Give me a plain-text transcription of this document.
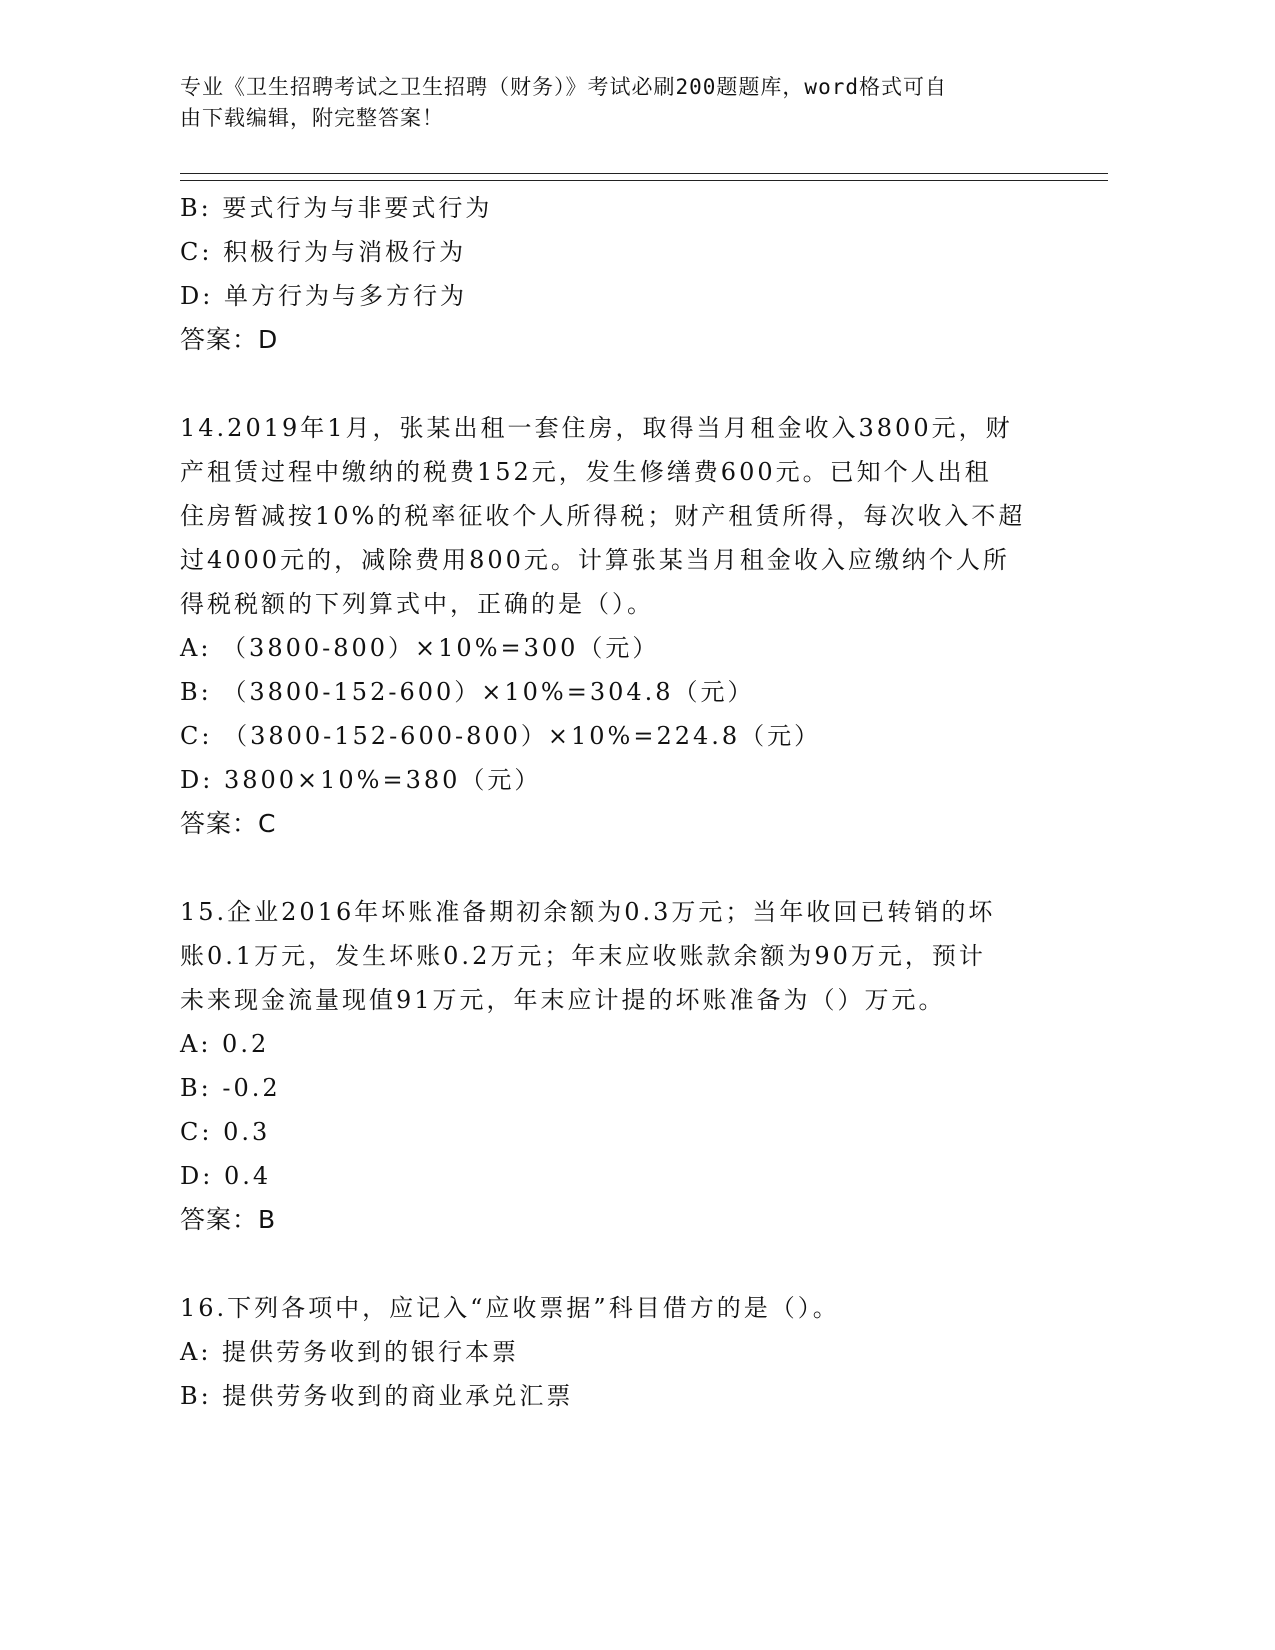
专业《卫生招聘考试之卫生招聘（财务）》考试必刷200题题库，word格式可自
由下载编辑，附完整答案！
B: 要式行为与非要式行为
C: 积极行为与消极行为
D: 单方行为与多方行为
答案：D
14.2019年1月，张某出租一套住房，取得当月租金收入3800元，财
产租赁过程中缴纳的税费152元，发生修缮费600元。已知个人出租
住房暂减按10%的税率征收个人所得税；财产租赁所得，每次收入不超
过4000元的，减除费用800元。计算张某当月租金收入应缴纳个人所
得税税额的下列算式中，正确的是（）。
A: （3800-800）×10%=300（元）
B: （3800-152-600）×10%=304.8（元）
C: （3800-152-600-800）×10%=224.8（元）
D: 3800×10%=380（元）
答案：C
15.企业2016年坏账准备期初余额为0.3万元；当年收回已转销的坏
账0.1万元，发生坏账0.2万元；年末应收账款余额为90万元，预计
未来现金流量现值91万元，年末应计提的坏账准备为（）万元。
A: 0.2
B: -0.2
C: 0.3
D: 0.4
答案：B
16.下列各项中，应记入“应收票据”科目借方的是（）。
A: 提供劳务收到的银行本票
B: 提供劳务收到的商业承兑汇票
